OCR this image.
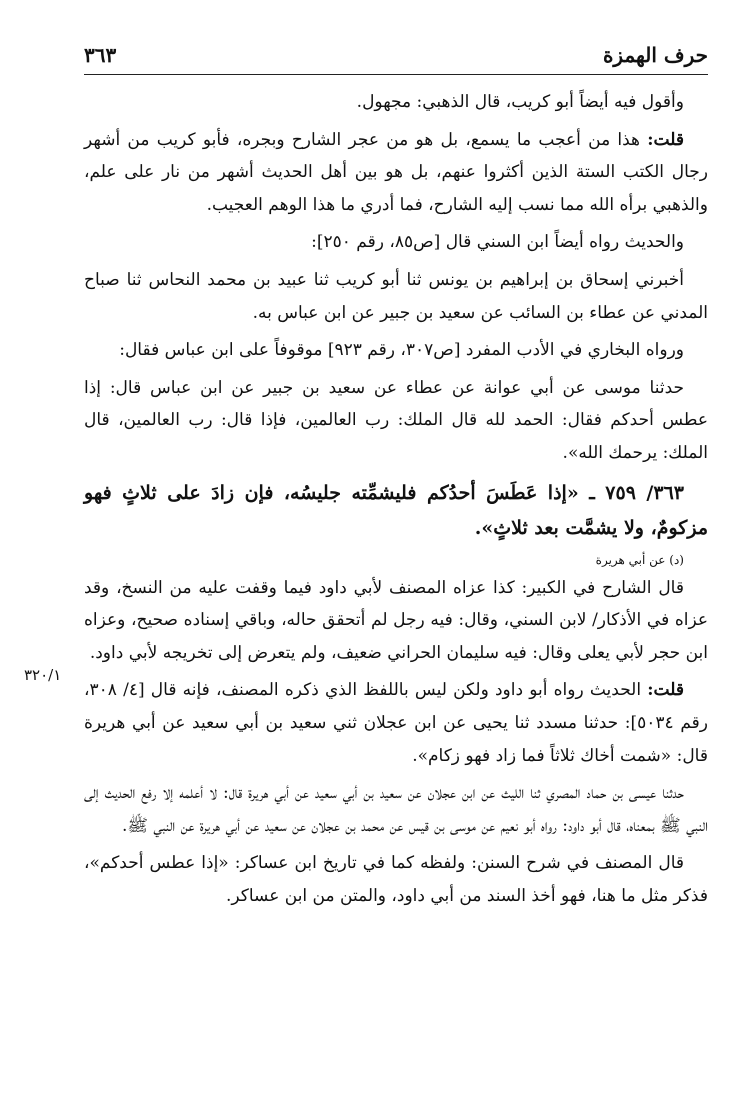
حرف الهمزة
٣٦٣
٣٢٠/١

وأقول فيه أيضاً أبو كريب، قال الذهبي: مجهول.

قلت: هذا من أعجب ما يسمع، بل هو من عجر الشارح وبجره، فأبو كريب من أشهر رجال الكتب الستة الذين أكثروا عنهم، بل هو بين أهل الحديث أشهر من نار على علم، والذهبي برأه الله مما نسب إليه الشارح، فما أدري ما هذا الوهم العجيب.

والحديث رواه أيضاً ابن السني قال [ص٨٥، رقم ٢٥٠]:

أخبرني إسحاق بن إبراهيم بن يونس ثنا أبو كريب ثنا عبيد بن محمد النحاس ثنا صباح المدني عن عطاء بن السائب عن سعيد بن جبير عن ابن عباس به.

ورواه البخاري في الأدب المفرد [ص٣٠٧، رقم ٩٢٣] موقوفاً على ابن عباس فقال:

حدثنا موسى عن أبي عوانة عن عطاء عن سعيد بن جبير عن ابن عباس قال: إذا عطس أحدكم فقال: الحمد لله قال الملك: رب العالمين، فإذا قال: رب العالمين، قال الملك: يرحمك الله».

٣٦٣/ ٧٥٩ ـ «إذا عَطَسَ أحدُكم فليشمِّته جليسُه، فإن زادَ على ثلاثٍ فهو مزكومٌ، ولا يشمَّت بعد ثلاثٍ».

(د) عن أبي هريرة

قال الشارح في الكبير: كذا عزاه المصنف لأبي داود فيما وقفت عليه من النسخ، وقد عزاه في الأذكار/ لابن السني، وقال: فيه رجل لم أتحقق حاله، وباقي إسناده صحيح، وعزاه ابن حجر لأبي يعلى وقال: فيه سليمان الحراني ضعيف، ولم يتعرض إلى تخريجه لأبي داود.

قلت: الحديث رواه أبو داود ولكن ليس باللفظ الذي ذكره المصنف، فإنه قال [٤/ ٣٠٨، رقم ٥٠٣٤]: حدثنا مسدد ثنا يحيى عن ابن عجلان ثني سعيد بن أبي سعيد عن أبي هريرة قال: «شمت أخاك ثلاثاً فما زاد فهو زكام».

حدثنا عيسى بن حماد المصري ثنا الليث عن ابن عجلان عن سعيد بن أبي سعيد عن أبي هريرة قال: لا أعلمه إلا رفع الحديث إلى النبي ﷺ بمعناه، قال أبو داود: رواه أبو نعيم عن موسى بن قيس عن محمد بن عجلان عن سعيد عن أبي هريرة عن النبي ﷺ.

قال المصنف في شرح السنن: ولفظه كما في تاريخ ابن عساكر: «إذا عطس أحدكم»، فذكر مثل ما هنا، فهو أخذ السند من أبي داود، والمتن من ابن عساكر.
